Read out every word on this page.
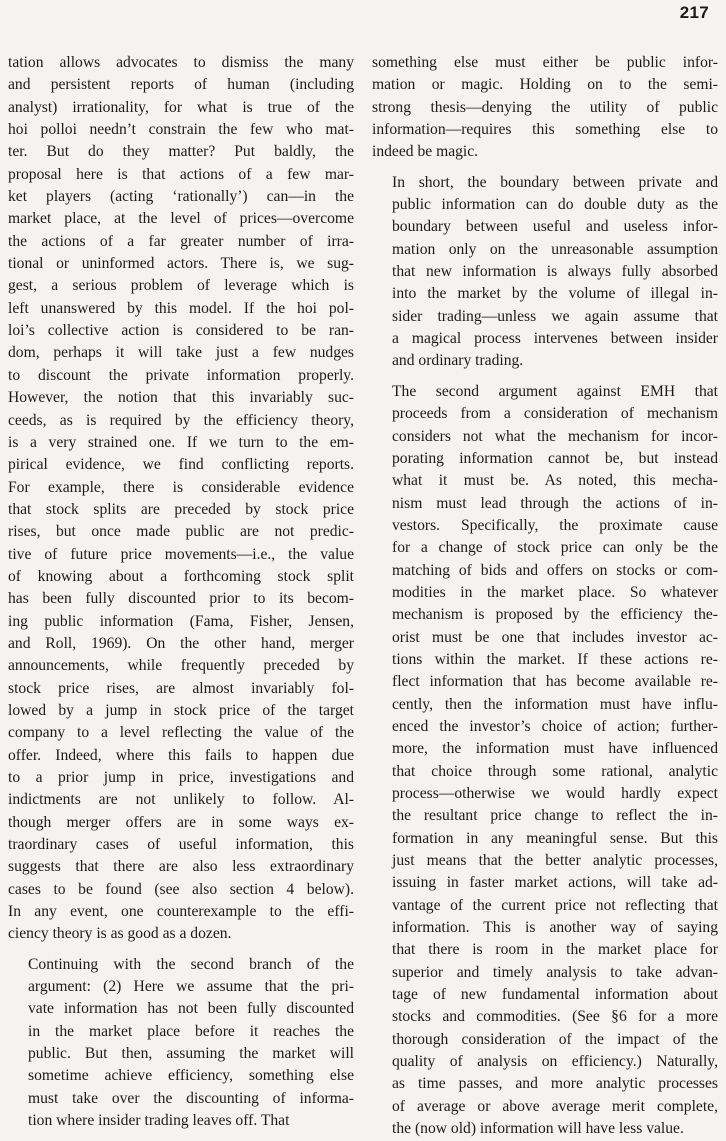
217

tation allows advocates to dismiss the many
and persistent reports of human (including
analyst) irrationality, for what is true of the
hoi polloi needn’t constrain the few who mat-
ter. But do they matter? Put baldly, the
proposal here is that actions of a few mar-
ket players (acting ‘rationally’) can—in the
market place, at the level of prices—overcome
the actions of a far greater number of irra-
tional or uninformed actors. There is, we sug-
gest, a serious problem of leverage which is
left unanswered by this model. If the hoi pol-
loi’s collective action is considered to be ran-
dom, perhaps it will take just a few nudges
to discount the private information properly.
However, the notion that this invariably suc-
ceeds, as is required by the efficiency theory,
is a very strained one. If we turn to the em-
pirical evidence, we find conflicting reports.
For example, there is considerable evidence
that stock splits are preceded by stock price
rises, but once made public are not predic-
tive of future price movements—i.e., the value
of knowing about a forthcoming stock split
has been fully discounted prior to its becom-
ing public information (Fama, Fisher, Jensen,
and Roll, 1969). On the other hand, merger
announcements, while frequently preceded by
stock price rises, are almost invariably fol-
lowed by a jump in stock price of the target
company to a level reflecting the value of the
offer. Indeed, where this fails to happen due
to a prior jump in price, investigations and
indictments are not unlikely to follow. Al-
though merger offers are in some ways ex-
traordinary cases of useful information, this
suggests that there are also less extraordinary
cases to be found (see also section 4 below).
In any event, one counterexample to the effi-
ciency theory is as good as a dozen.

Continuing with the second branch of the
argument: (2) Here we assume that the pri-
vate information has not been fully discounted
in the market place before it reaches the
public. But then, assuming the market will
sometime achieve efficiency, something else
must take over the discounting of informa-
tion where insider trading leaves off. That

something else must either be public infor-
mation or magic. Holding on to the semi-
strong thesis—denying the utility of public
information—requires this something else to
indeed be magic.

In short, the boundary between private and
public information can do double duty as the
boundary between useful and useless infor-
mation only on the unreasonable assumption
that new information is always fully absorbed
into the market by the volume of illegal in-
sider trading—unless we again assume that
a magical process intervenes between insider
and ordinary trading.

The second argument against EMH that
proceeds from a consideration of mechanism
considers not what the mechanism for incor-
porating information cannot be, but instead
what it must be. As noted, this mecha-
nism must lead through the actions of in-
vestors. Specifically, the proximate cause
for a change of stock price can only be the
matching of bids and offers on stocks or com-
modities in the market place. So whatever
mechanism is proposed by the efficiency the-
orist must be one that includes investor ac-
tions within the market. If these actions re-
flect information that has become available re-
cently, then the information must have influ-
enced the investor’s choice of action; further-
more, the information must have influenced
that choice through some rational, analytic
process—otherwise we would hardly expect
the resultant price change to reflect the in-
formation in any meaningful sense. But this
just means that the better analytic processes,
issuing in faster market actions, will take ad-
vantage of the current price not reflecting that
information. This is another way of saying
that there is room in the market place for
superior and timely analysis to take advan-
tage of new fundamental information about
stocks and commodities. (See §6 for a more
thorough consideration of the impact of the
quality of analysis on efficiency.) Naturally,
as time passes, and more analytic processes
of average or above average merit complete,
the (now old) information will have less value.
